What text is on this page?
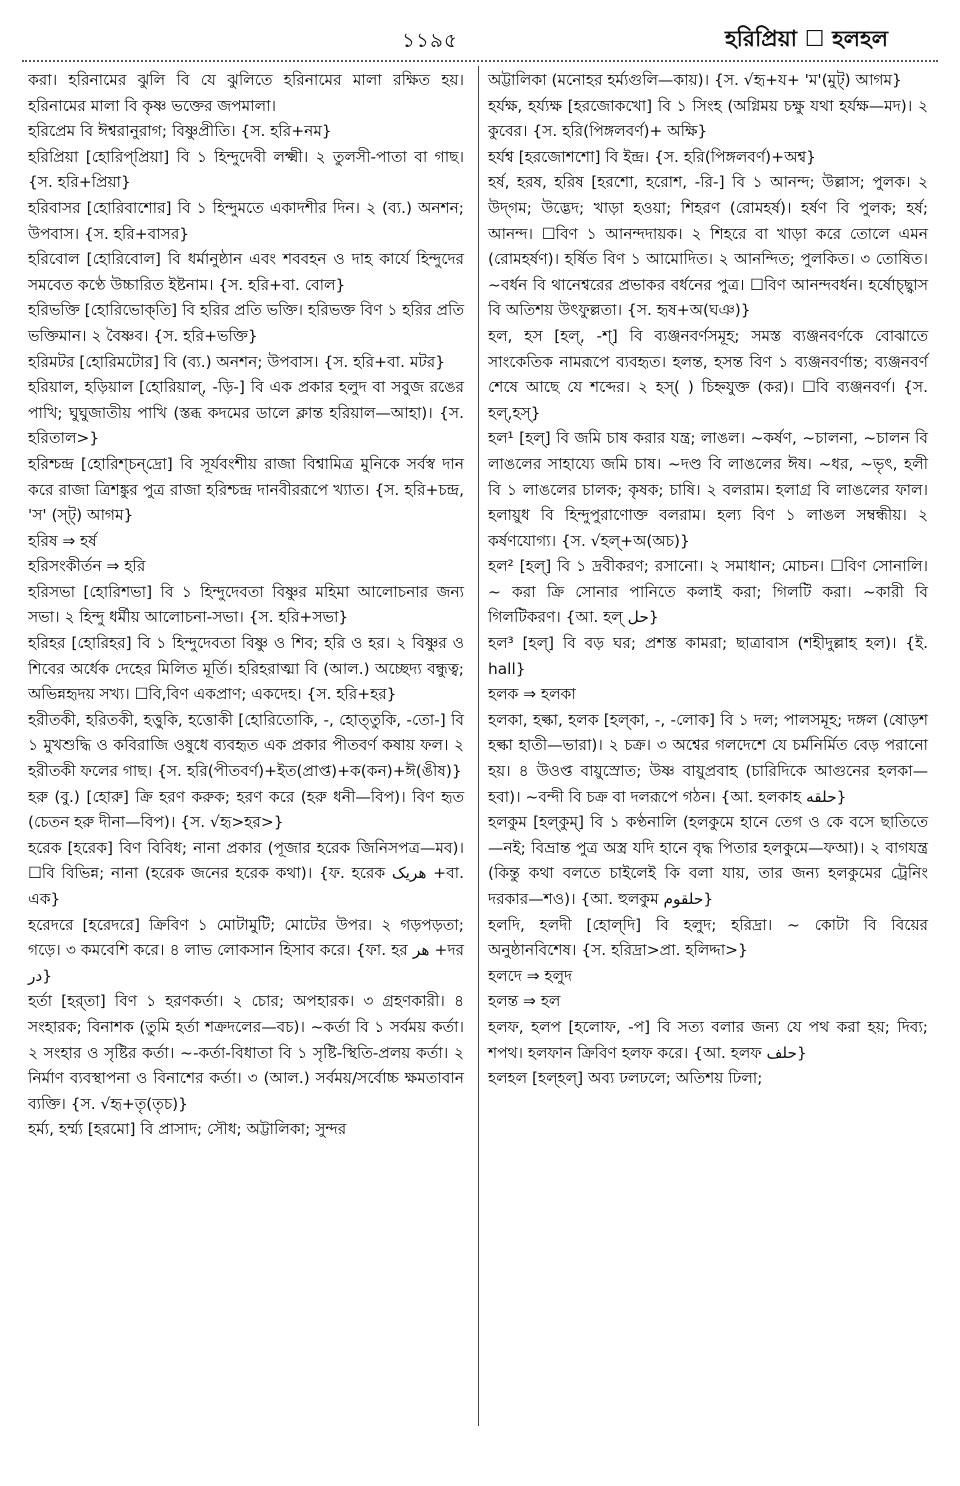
১১৯৫	হরিপ্রিয়া ☐ হলহল

করা। হরিনামের ঝুলি বি যে ঝুলিতে হরিনামের মালা রক্ষিত হয়। হরিনামের মালা বি কৃষ্ণ ভক্তের জপমালা।

হরিপ্রেম বি ঈশ্বরানুরাগ; বিষ্ণুপ্রীতি। {স. হরি+নম}

হরিপ্রিয়া [হোরিপ্‌প্রিয়া] বি ১ হিন্দুদেবী লক্ষ্মী। ২ তুলসী-পাতা বা গাছ। {স. হরি+প্রিয়া}

হরিবাসর [হোরিবাশোর] বি ১ হিন্দুমতে একাদশীর দিন। ২ (ব্য.) অনশন; উপবাস। {স. হরি+বাসর}

হরিবোল [হোরিবোল] বি ধর্মানুষ্ঠান এবং শববহন ও দাহ কার্যে হিন্দুদের সমবেত কণ্ঠে উচ্চারিত ইষ্টনাম। {স. হরি+বা. বোল}

হরিভক্তি [হোরিভোক্‌তি] বি হরির প্রতি ভক্তি। হরিভক্ত বিণ ১ হরির প্রতি ভক্তিমান। ২ বৈষ্ণব। {স. হরি+ভক্তি}

হরিমটর [হোরিমটোর] বি (ব্য.) অনশন; উপবাস। {স. হরি+বা. মটর}

হরিয়াল, হড়িয়াল [হোরিয়াল্, -ড়ি-] বি এক প্রকার হলুদ বা সবুজ রঙের পাখি; ঘুঘুজাতীয় পাখি (স্তব্ধ কদমের ডালে ক্লান্ত হরিয়াল—আহা)। {স. হরিতাল>}

হরিশ্চন্দ্র [হোরিশ্‌চন্‌দ্রো] বি সূর্যবংশীয় রাজা বিশ্বামিত্র মুনিকে সর্বস্ব দান করে রাজা ত্রিশঙ্কুর পুত্র রাজা হরিশ্চন্দ্র দানবীররূপে খ্যাত। {স. হরি+চন্দ্র, 'স' (স্‌ট্) আগম}

হরিষ ⇒ হর্ষ

হরিসংকীর্তন ⇒ হরি

হরিসভা [হোরিশভা] বি ১ হিন্দুদেবতা বিষ্ণুর মহিমা আলোচনার জন্য সভা। ২ হিন্দু ধর্মীয় আলোচনা-সভা। {স. হরি+সভা}

হরিহর [হোরিহর] বি ১ হিন্দুদেবতা বিষ্ণু ও শিব; হরি ও হর। ২ বিষ্ণুর ও শিবের অর্ধেক দেহের মিলিত মূর্তি। হরিহরাত্মা বি (আল.) অচ্ছেদ্য বন্ধুত্ব; অভিন্নহৃদয় সখ্য। ☐বি,বিণ একপ্রাণ; একদেহ। {স. হরি+হর}

হরীতকী, হরিতকী, হত্তুকি, হত্তোকী [হোরিতোকি, -, হোত্‌তুকি, -তো-] বি ১ মুখশুদ্ধি ও কবিরাজি ওষুধে ব্যবহৃত এক প্রকার পীতবর্ণ কষায় ফল। ২ হরীতকী ফলের গাছ। {স. হরি(পীতবর্ণ)+ইত(প্রাপ্ত)+ক(কন)+ঈ(ঙীষ)}

হরু (বু.) [হোরু] ক্রি হরণ করুক; হরণ করে (হরু ধনী—বিপ)। বিণ হৃত (চেতন হরু দীনা—বিপ)। {স. √হৃ>হর>}

হরেক [হরেক] বিণ বিবিধ; নানা প্রকার (পূজার হরেক জিনিসপত্র—মব)। ☐বি বিভিন্ন; নানা (হরেক জনের হরেক কথা)। {ফ. হরেক هریک +বা. এক}

হরেদরে [হরেদরে] ক্রিবিণ ১ মোটামুটি; মোটের উপর। ২ গড়পড়তা; গড়ে। ৩ কমবেশি করে। ৪ লাভ লোকসান হিসাব করে। {ফা. হর هر +দর در}

হর্তা [হর্‌তা] বিণ ১ হরণকর্তা। ২ চোর; অপহারক। ৩ গ্রহণকারী। ৪ সংহারক; বিনাশক (তুমি হর্তা শক্রদলের—বচ)। ~কর্তা বি ১ সর্বময় কর্তা। ২ সংহার ও সৃষ্টির কর্তা। ~-কর্তা-বিধাতা বি ১ সৃষ্টি-স্থিতি-প্রলয় কর্তা। ২ নির্মাণ ব্যবস্থাপনা ও বিনাশের কর্তা। ৩ (আল.) সর্বময়/সর্বোচ্চ ক্ষমতাবান ব্যক্তি। {স. √হৃ+তৃ(তৃচ)}

হর্ম্য, হর্ম্ম্য [হরমো] বি প্রাসাদ; সৌধ; অট্টালিকা; সুন্দর

অট্টালিকা (মনোহর হর্ম্যগুলি—কায়)। {স. √হৃ+য+ 'ম'(মুট্) আগম}

হর্যক্ষ, হর্য্যক্ষ [হরজোকখো] বি ১ সিংহ (অগ্নিময় চক্ষু যথা হর্যক্ষ—মদ)। ২ কুবের। {স. হরি(পিঙ্গলবর্ণ)+ অক্ষি}

হর্যশ্ব [হরজোশশো] বি ইন্দ্র। {স. হরি(পিঙ্গলবর্ণ)+অশ্ব}

হর্ষ, হরষ, হরিষ [হরশো, হরোশ, -রি-] বি ১ আনন্দ; উল্লাস; পুলক। ২ উদ্‌গম; উদ্ভেদ; খাড়া হওয়া; শিহরণ (রোমহর্ষ)। হর্ষণ বি পুলক; হর্ষ; আনন্দ। ☐বিণ ১ আনন্দদায়ক। ২ শিহরে বা খাড়া করে তোলে এমন (রোমহর্ষণ)। হর্ষিত বিণ ১ আমোদিত। ২ আনন্দিত; পুলকিত। ৩ তোষিত। ~বর্ধন বি থানেশ্বরের প্রভাকর বর্ধনের পুত্র। ☐বিণ আনন্দবর্ধন। হর্ষোচ্ছ্বাস বি অতিশয় উৎফুল্লতা। {স. হৃষ+অ(ঘঞ)}

হল, হস [হল্, -শ্] বি ব্যঞ্জনবর্ণসমূহ; সমস্ত ব্যঞ্জনবর্ণকে বোঝাতে সাংকেতিক নামরূপে ব্যবহৃত। হলন্ত, হসন্ত বিণ ১ ব্যঞ্জনবর্ণান্ত; ব্যঞ্জনবর্ণ শেষে আছে যে শব্দের। ২ হস্‌( ) চিহ্নযুক্ত (কর)। ☐বি ব্যঞ্জনবর্ণ। {স. হল্,হস্}

হল¹ [হল্] বি জমি চাষ করার যন্ত্র; লাঙল। ~কর্ষণ, ~চালনা, ~চালন বি লাঙলের সাহায্যে জমি চাষ। ~দণ্ড বি লাঙলের ঈষ। ~ধর, ~ভৃৎ, হলী বি ১ লাঙলের চালক; কৃষক; চাষি। ২ বলরাম। হলাগ্র বি লাঙলের ফাল। হলায়ুধ বি হিন্দুপুরাণোক্ত বলরাম। হল্য বিণ ১ লাঙল সম্বন্ধীয়। ২ কর্ষণযোগ্য। {স. √হল্+অ(অচ)}

হল² [হল্] বি ১ দ্রবীকরণ; রসানো। ২ সমাধান; মোচন। ☐বিণ সোনালি। ~ করা ক্রি সোনার পানিতে কলাই করা; গিলটি করা। ~কারী বি গিলটিকরণ। {আ. হল্ حل}

হল³ [হল্] বি বড় ঘর; প্রশস্ত কামরা; ছাত্রাবাস (শহীদুল্লাহ হল)। {ই. hall}

হলক ⇒ হলকা

হলকা, হল্কা, হলক [হল্‌কা, -, -লোক] বি ১ দল; পালসমূহ; দঙ্গল (ষোড়শ হল্কা হাতী—ভারা)। ২ চক্র। ৩ অশ্বের গলদেশে যে চর্মনির্মিত বেড় পরানো হয়। ৪ উওপ্ত বায়ুস্রোত; উষ্ণ বায়ুপ্রবাহ (চারিদিকে আগুনের হলকা—হবা)। ~বন্দী বি চক্র বা দলরূপে গঠন। {আ. হলকাহ حلقه}

হলকুম [হল্‌কুম্] বি ১ কণ্ঠনালি (হলকুমে হানে তেগ ও কে বসে ছাতিতে—নই; বিভ্রান্ত পুত্র অস্ত্র যদি হানে বৃদ্ধ পিতার হলকুমে—ফআ)। ২ বাগযন্ত্র (কিন্তু কথা বলতে চাইলেই কি বলা যায়, তার জন্য হলকুমের ট্রেনিং দরকার—শও)। {আ. হুলকুম حلقوم}

হলদি, হলদী [হোল্‌দি] বি হলুদ; হরিদ্রা। ~ কোটা বি বিয়ের অনুষ্ঠানবিশেষ। {স. হরিদ্রা>প্রা. হলিদ্দা>}

হলদে ⇒ হলুদ

হলন্ত ⇒ হল

হলফ, হলপ [হলোফ, -প] বি সত্য বলার জন্য যে পথ করা হয়; দিব্য; শপথ। হলফান ক্রিবিণ হলফ করে। {আ. হলফ حلف}

হলহল [হল্‌হল্] অব্য ঢলঢলে; অতিশয় ঢিলা;
